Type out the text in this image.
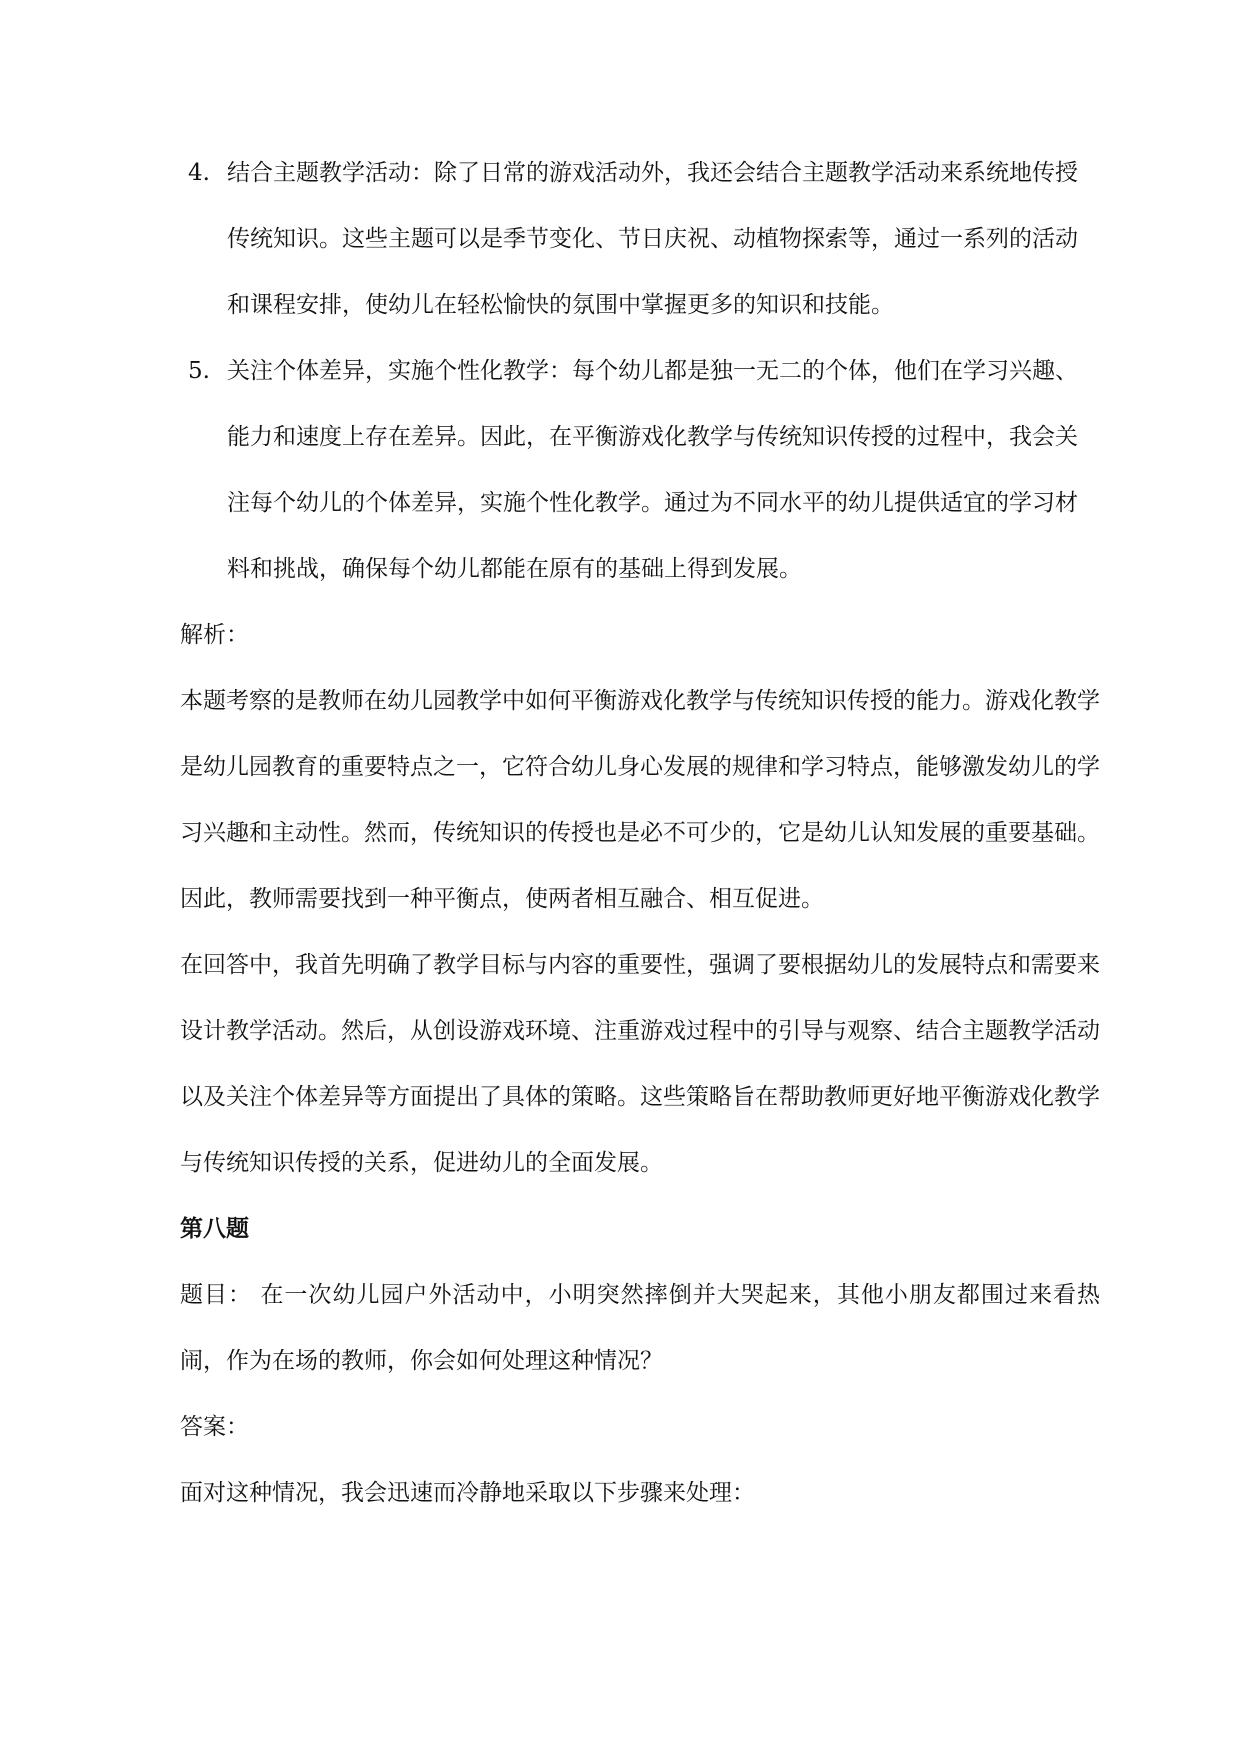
4. 结合主题教学活动：除了日常的游戏活动外，我还会结合主题教学活动来系统地传授传统知识。这些主题可以是季节变化、节日庆祝、动植物探索等，通过一系列的活动和课程安排，使幼儿在轻松愉快的氛围中掌握更多的知识和技能。
5. 关注个体差异，实施个性化教学：每个幼儿都是独一无二的个体，他们在学习兴趣、能力和速度上存在差异。因此，在平衡游戏化教学与传统知识传授的过程中，我会关注每个幼儿的个体差异，实施个性化教学。通过为不同水平的幼儿提供适宜的学习材料和挑战，确保每个幼儿都能在原有的基础上得到发展。

解析：

本题考察的是教师在幼儿园教学中如何平衡游戏化教学与传统知识传授的能力。游戏化教学是幼儿园教育的重要特点之一，它符合幼儿身心发展的规律和学习特点，能够激发幼儿的学习兴趣和主动性。然而，传统知识的传授也是必不可少的，它是幼儿认知发展的重要基础。因此，教师需要找到一种平衡点，使两者相互融合、相互促进。

在回答中，我首先明确了教学目标与内容的重要性，强调了要根据幼儿的发展特点和需要来设计教学活动。然后，从创设游戏环境、注重游戏过程中的引导与观察、结合主题教学活动以及关注个体差异等方面提出了具体的策略。这些策略旨在帮助教师更好地平衡游戏化教学与传统知识传授的关系，促进幼儿的全面发展。

第八题

题目： 在一次幼儿园户外活动中，小明突然摔倒并大哭起来，其他小朋友都围过来看热闹，作为在场的教师，你会如何处理这种情况？

答案：

面对这种情况，我会迅速而冷静地采取以下步骤来处理：
